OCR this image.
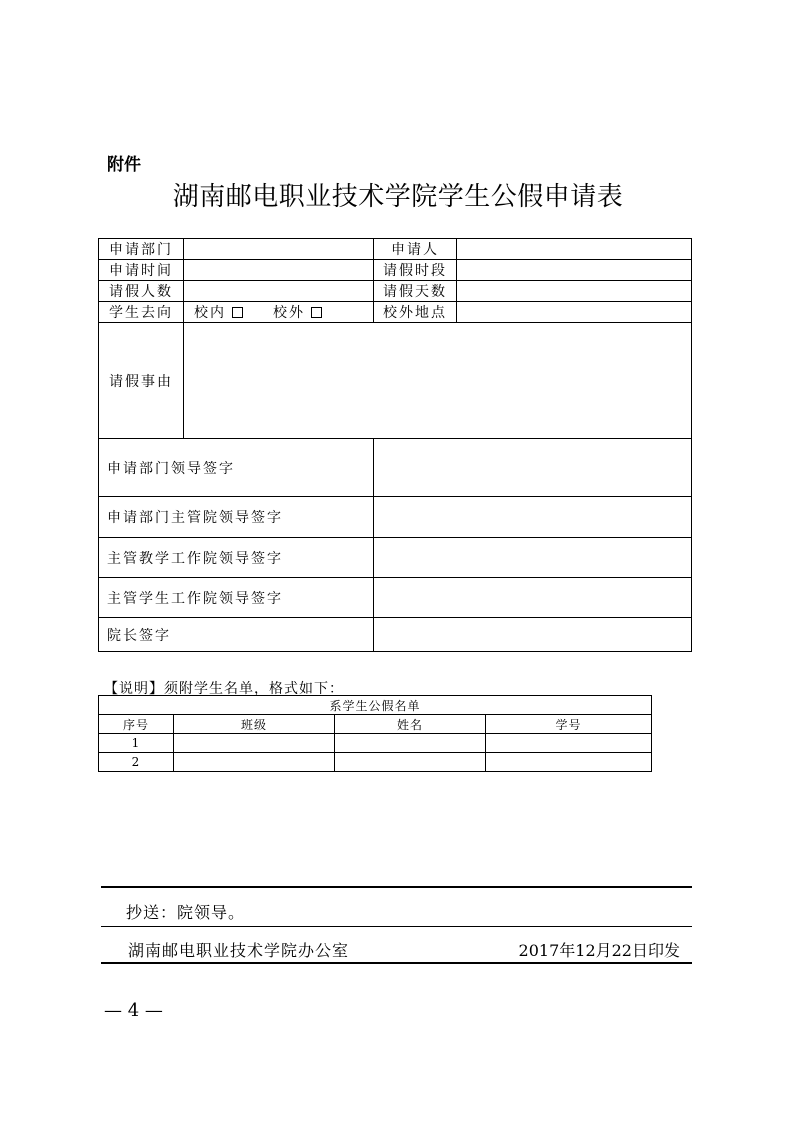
附件
湖南邮电职业技术学院学生公假申请表
申请部门		申请人	
申请时间		请假时段	
请假人数		请假天数	
学生去向	校内 校外	校外地点	
请假事由			
申请部门领导签字			
申请部门主管院领导签字			
主管教学工作院领导签字			
主管学生工作院领导签字			
院长签字			
【说明】须附学生名单，格式如下：
系学生公假名单			
序号	班级	姓名	学号
1			
2			
抄送：院领导。
湖南邮电职业技术学院办公室	2017年12月22日印发
— 4 —
